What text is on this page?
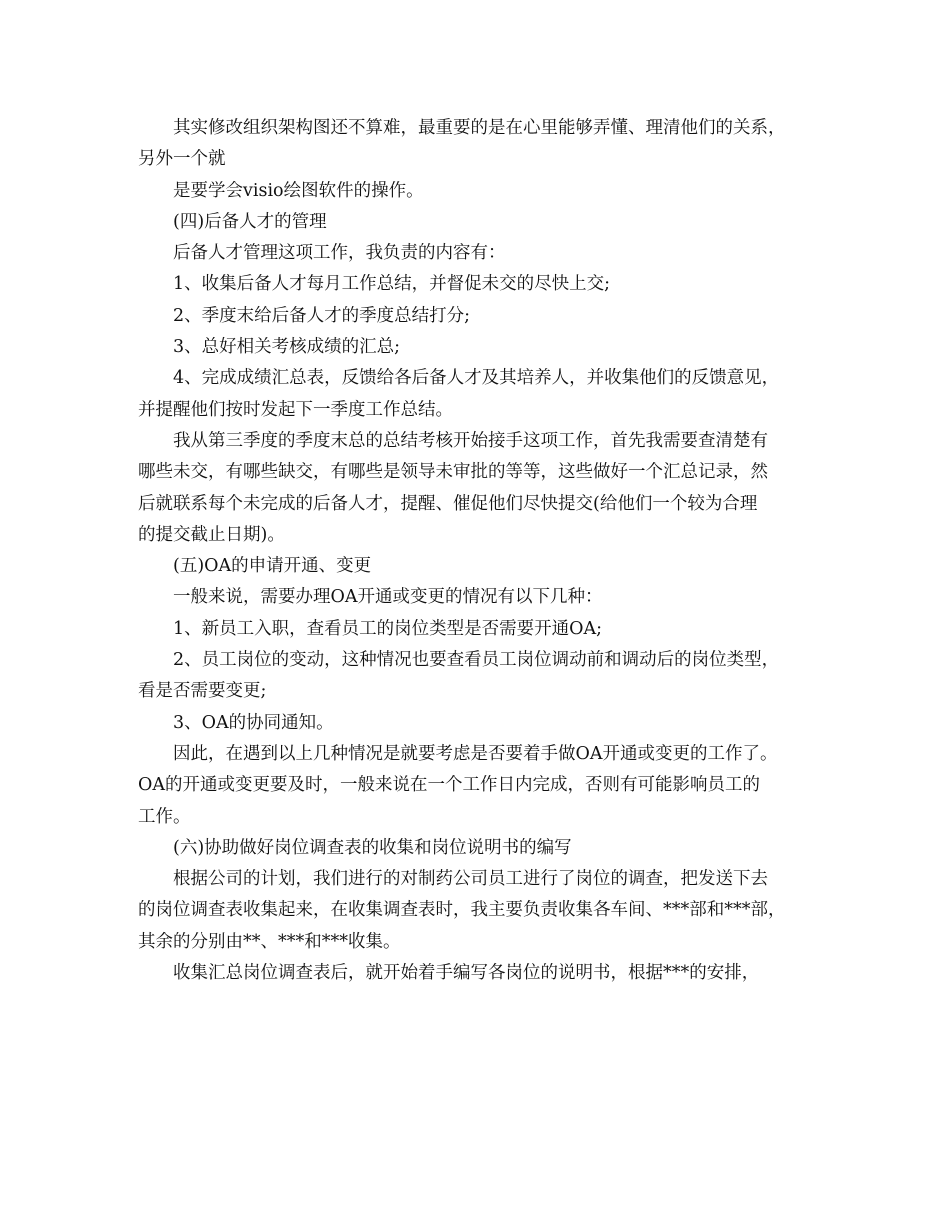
其实修改组织架构图还不算难，最重要的是在心里能够弄懂、理清他们的关系，
另外一个就
是要学会visio绘图软件的操作。
(四)后备人才的管理
后备人才管理这项工作，我负责的内容有：
1、收集后备人才每月工作总结，并督促未交的尽快上交;
2、季度末给后备人才的季度总结打分;
3、总好相关考核成绩的汇总;
4、完成成绩汇总表，反馈给各后备人才及其培养人，并收集他们的反馈意见，
并提醒他们按时发起下一季度工作总结。
我从第三季度的季度末总的总结考核开始接手这项工作，首先我需要查清楚有
哪些未交，有哪些缺交，有哪些是领导未审批的等等，这些做好一个汇总记录，然
后就联系每个未完成的后备人才，提醒、催促他们尽快提交(给他们一个较为合理
的提交截止日期)。
(五)OA的申请开通、变更
一般来说，需要办理OA开通或变更的情况有以下几种：
1、新员工入职，查看员工的岗位类型是否需要开通OA;
2、员工岗位的变动，这种情况也要查看员工岗位调动前和调动后的岗位类型，
看是否需要变更;
3、OA的协同通知。
因此，在遇到以上几种情况是就要考虑是否要着手做OA开通或变更的工作了。
OA的开通或变更要及时，一般来说在一个工作日内完成，否则有可能影响员工的
工作。
(六)协助做好岗位调查表的收集和岗位说明书的编写
根据公司的计划，我们进行的对制药公司员工进行了岗位的调查，把发送下去
的岗位调查表收集起来，在收集调查表时，我主要负责收集各车间、***部和***部，
其余的分别由**、***和***收集。
收集汇总岗位调查表后，就开始着手编写各岗位的说明书，根据***的安排，
